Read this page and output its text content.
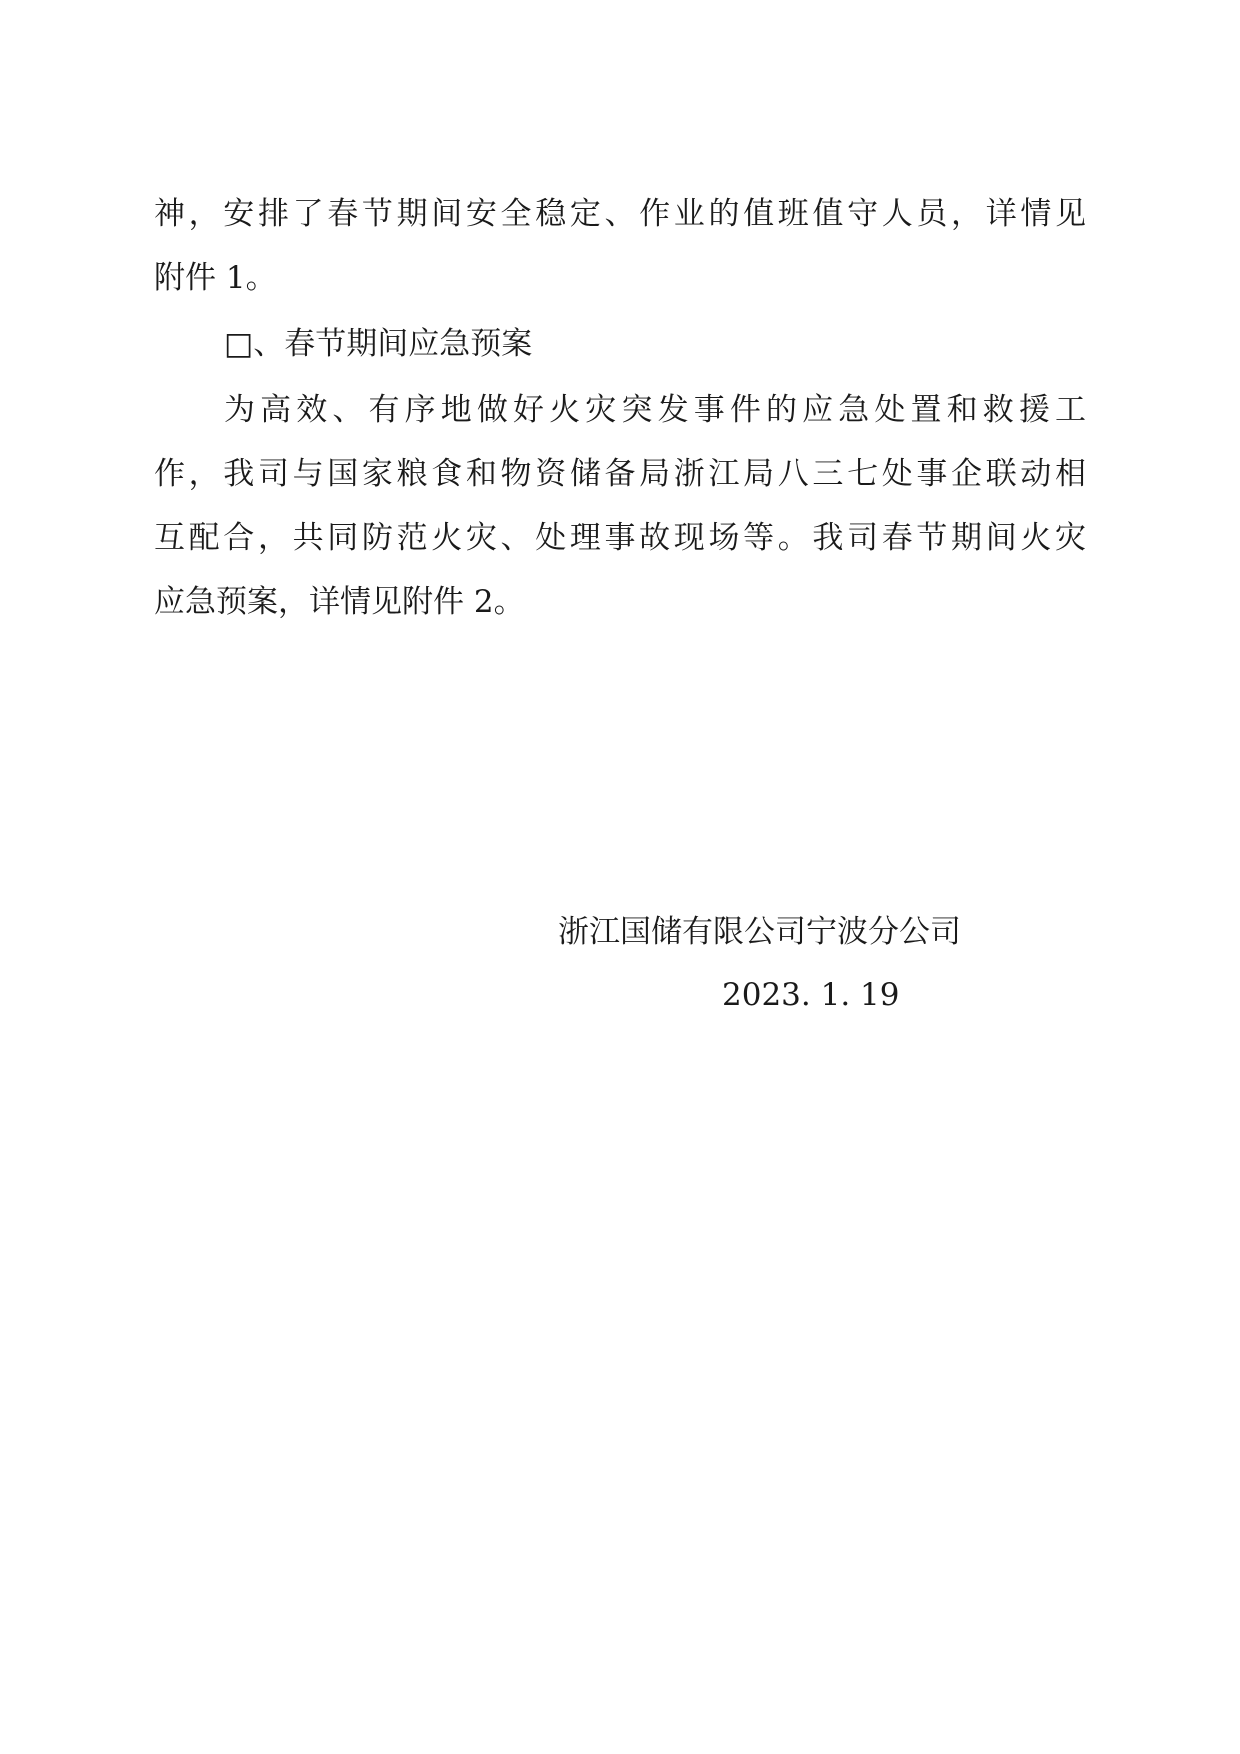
神，安排了春节期间安全稳定、作业的值班值守人员，详情见
附件 1。
□、春节期间应急预案
为高效、有序地做好火灾突发事件的应急处置和救援工
作，我司与国家粮食和物资储备局浙江局八三七处事企联动相
互配合，共同防范火灾、处理事故现场等。我司春节期间火灾
应急预案，详情见附件 2。
浙江国储有限公司宁波分公司
2023. 1. 19
